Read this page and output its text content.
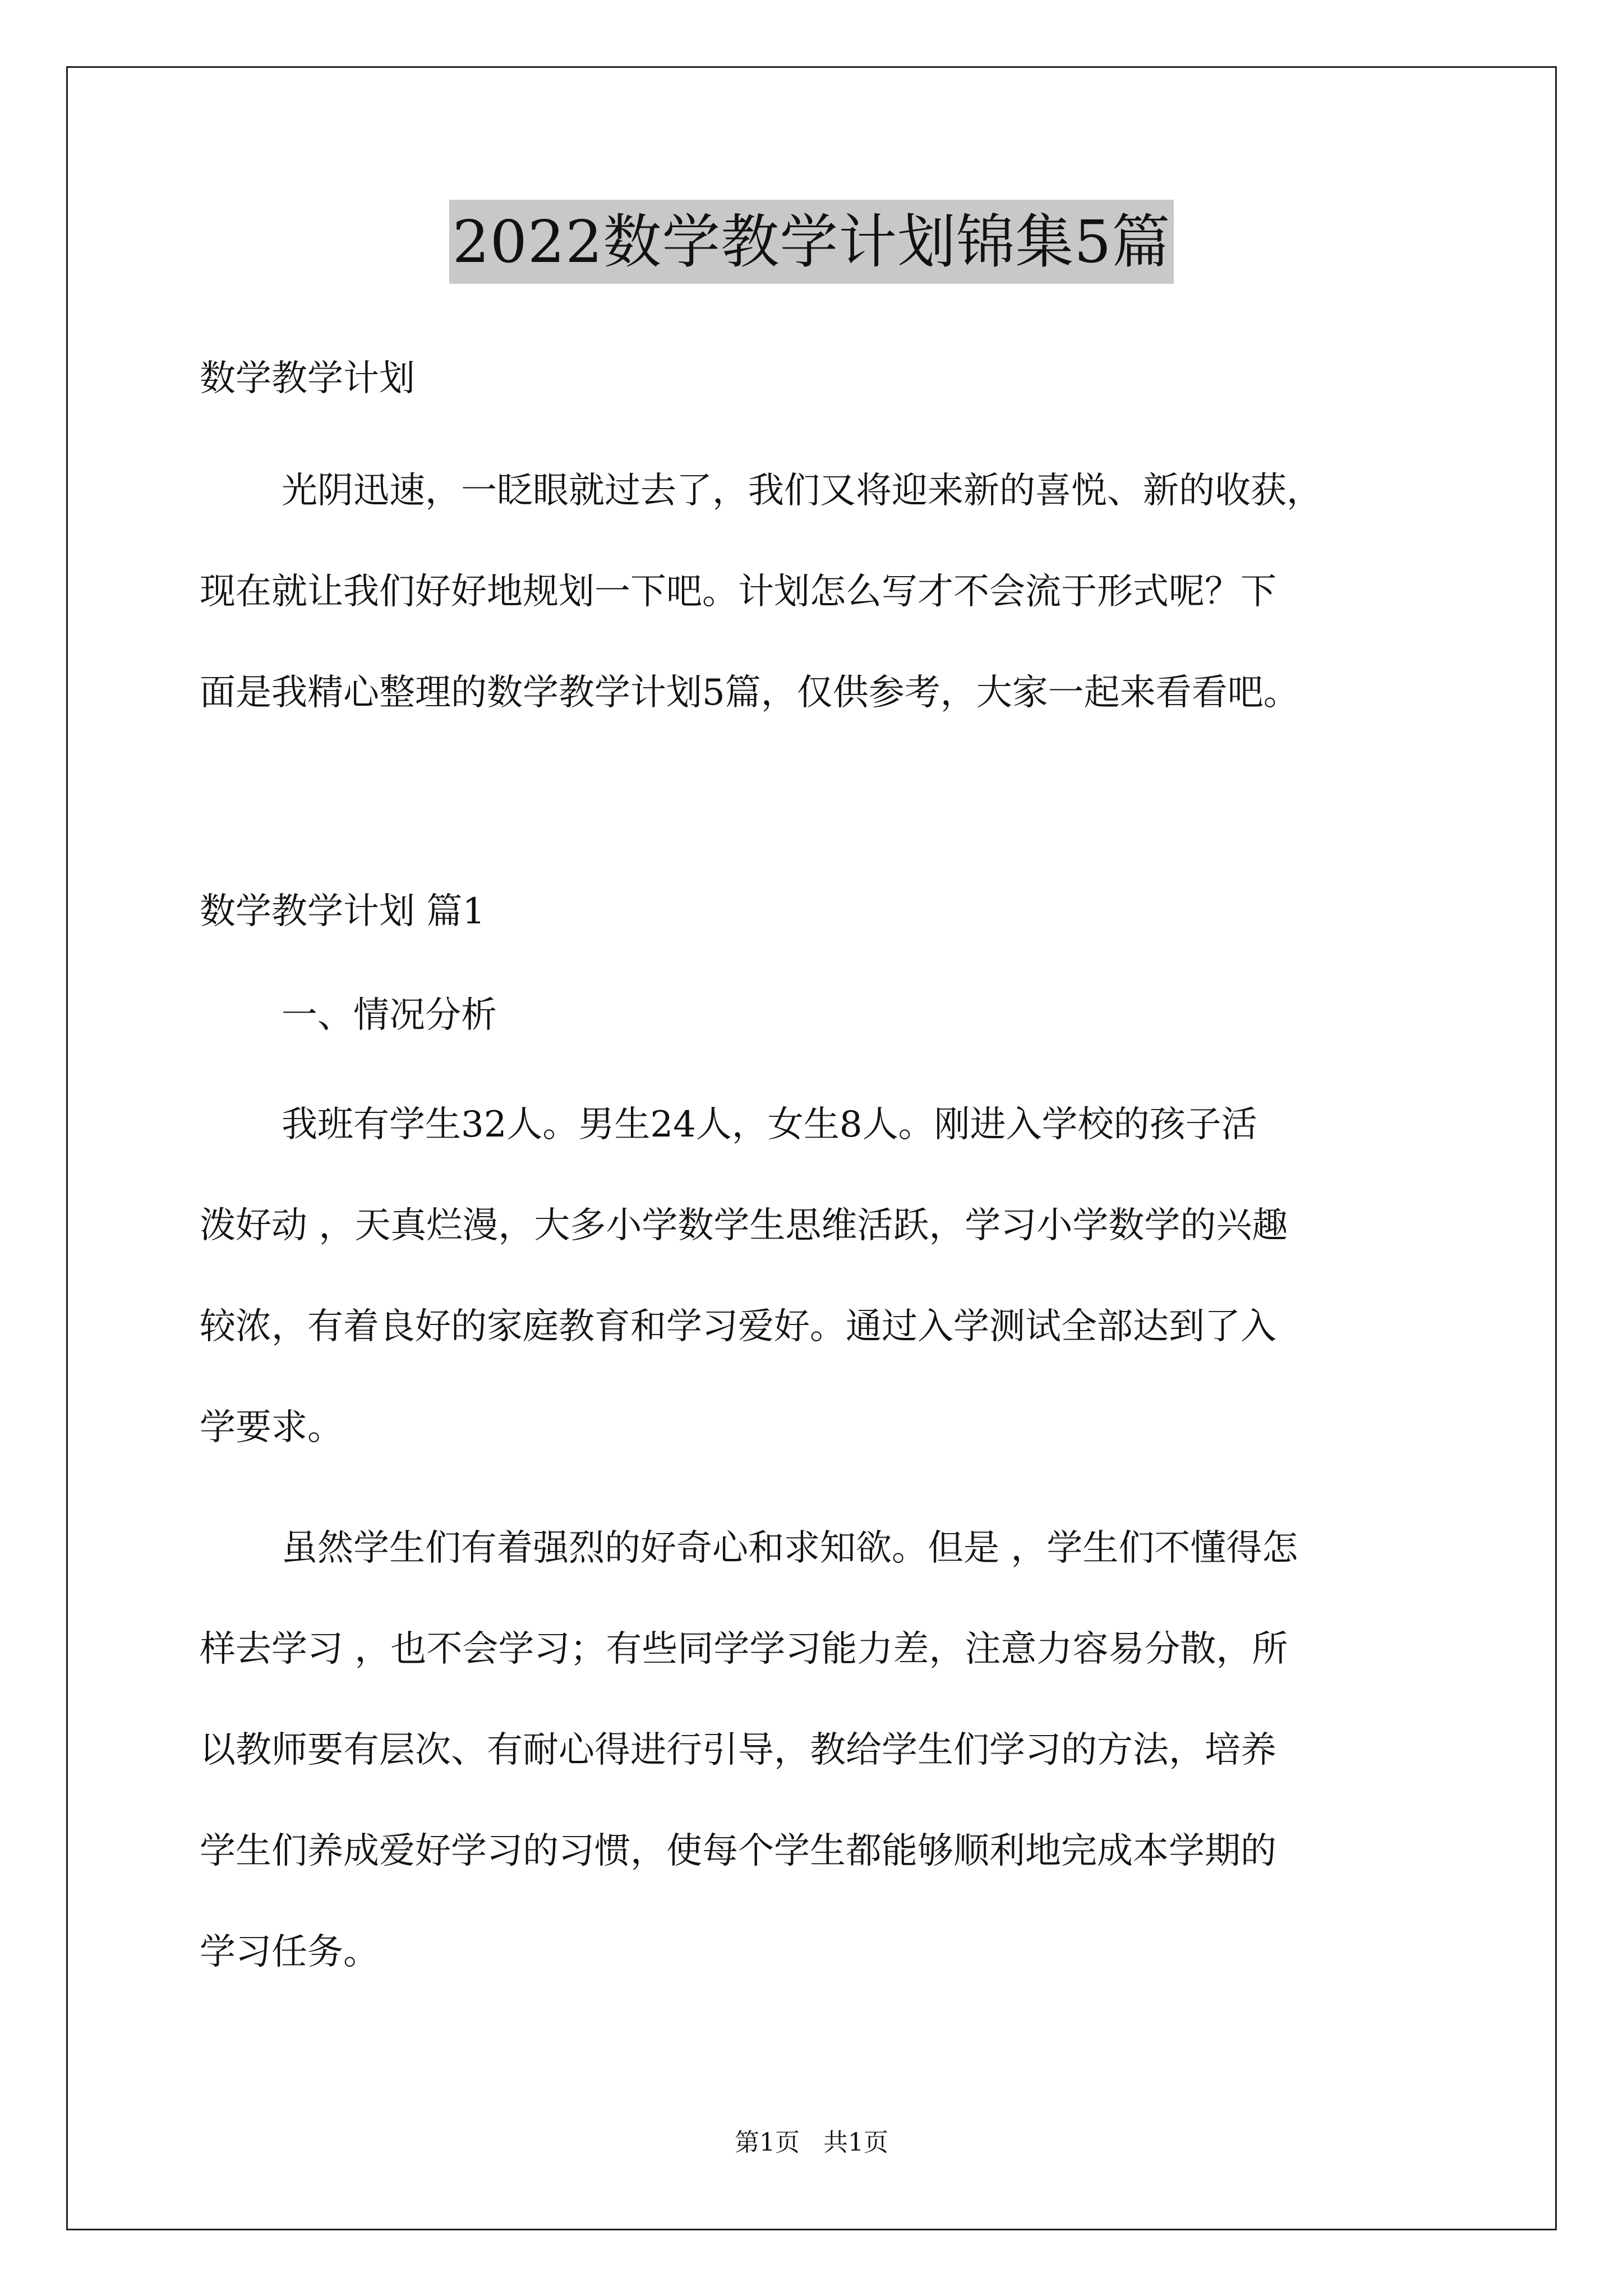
2022数学教学计划锦集5篇
数学教学计划
光阴迅速，一眨眼就过去了，我们又将迎来新的喜悦、新的收获，
现在就让我们好好地规划一下吧。计划怎么写才不会流于形式呢？下
面是我精心整理的数学教学计划5篇，仅供参考，大家一起来看看吧。
数学教学计划 篇1
一、情况分析
我班有学生32人。男生24人，女生8人。刚进入学校的孩子活
泼好动 ，天真烂漫，大多小学数学生思维活跃，学习小学数学的兴趣
较浓，有着良好的家庭教育和学习爱好。通过入学测试全部达到了入
学要求。
虽然学生们有着强烈的好奇心和求知欲。但是 ，学生们不懂得怎
样去学习 ，也不会学习；有些同学学习能力差，注意力容易分散，所
以教师要有层次、有耐心得进行引导，教给学生们学习的方法，培养
学生们养成爱好学习的习惯，使每个学生都能够顺利地完成本学期的
学习任务。
第1页   共1页
